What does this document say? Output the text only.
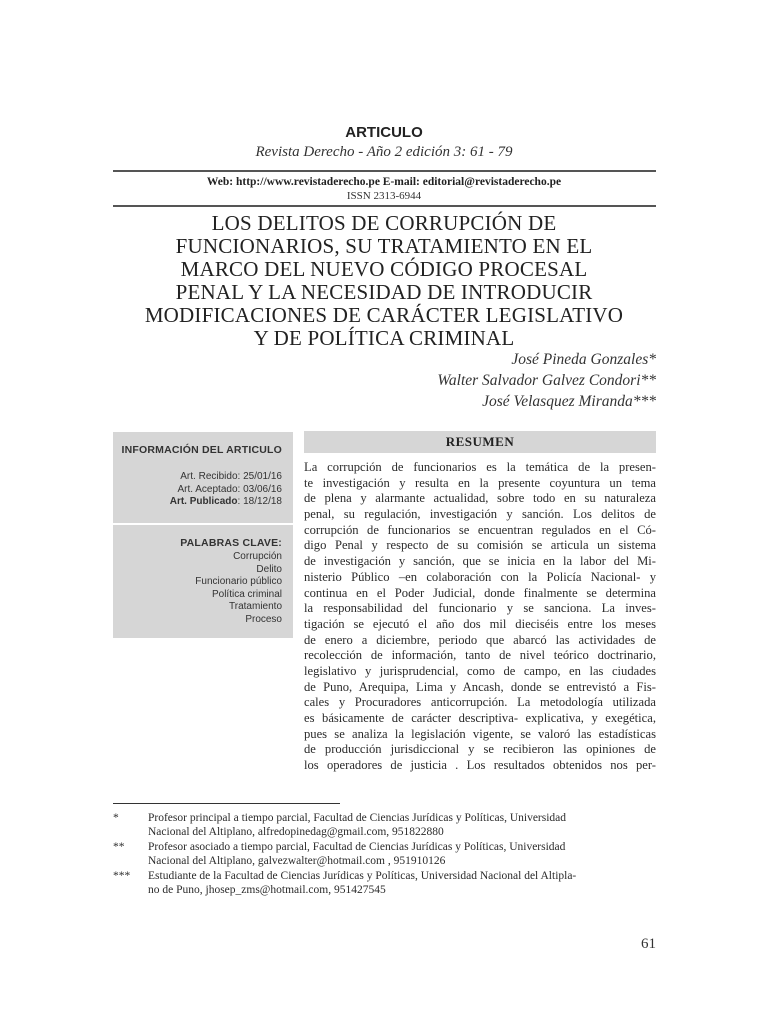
ARTICULO
Revista Derecho - Año 2 edición 3: 61 - 79
Web: http://www.revistaderecho.pe E-mail: editorial@revistaderecho.pe
ISSN 2313-6944
LOS DELITOS DE CORRUPCIÓN DE
FUNCIONARIOS, SU TRATAMIENTO EN EL
MARCO DEL NUEVO CÓDIGO PROCESAL
PENAL Y LA NECESIDAD DE INTRODUCIR
MODIFICACIONES DE CARÁCTER LEGISLATIVO
Y DE POLÍTICA CRIMINAL
José Pineda Gonzales*
Walter Salvador Galvez Condori**
José Velasquez Miranda***
INFORMACIÓN DEL ARTICULO
Art. Recibido: 25/01/16
Art. Aceptado: 03/06/16
Art. Publicado: 18/12/18
PALABRAS CLAVE:
Corrupción
Delito
Funcionario público
Política criminal
Tratamiento
Proceso
RESUMEN
La corrupción de funcionarios es la temática de la presen-
te investigación y resulta en la presente coyuntura un tema
de plena y alarmante actualidad, sobre todo en su naturaleza
penal, su regulación, investigación y sanción. Los delitos de
corrupción de funcionarios se encuentran regulados en el Có-
digo Penal y respecto de su comisión se articula un sistema
de investigación y sanción, que se inicia en la labor del Mi-
nisterio Público –en colaboración con la Policía Nacional- y
continua en el Poder Judicial, donde finalmente se determina
la responsabilidad del funcionario y se sanciona. La inves-
tigación se ejecutó el año dos mil dieciséis entre los meses
de enero a diciembre, periodo que abarcó las actividades de
recolección de información, tanto de nivel teórico doctrinario,
legislativo y jurisprudencial, como de campo, en las ciudades
de Puno, Arequipa, Lima y Ancash, donde se entrevistó a Fis-
cales y Procuradores anticorrupción. La metodología utilizada
es básicamente de carácter descriptiva- explicativa, y exegética,
pues se analiza la legislación vigente, se valoró las estadísticas
de producción jurisdiccional y se recibieron las opiniones de
los operadores de justicia . Los resultados obtenidos nos per-
*	Profesor principal a tiempo parcial, Facultad de Ciencias Jurídicas y Políticas, Universidad
Nacional del Altiplano, alfredopinedag@gmail.com, 951822880
** Profesor asociado a tiempo parcial, Facultad de Ciencias Jurídicas y Políticas, Universidad
Nacional del Altiplano, galvezwalter@hotmail.com , 951910126
*** Estudiante de la Facultad de Ciencias Jurídicas y Políticas, Universidad Nacional del Altipla-
no de Puno, jhosep_zms@hotmail.com, 951427545
61
